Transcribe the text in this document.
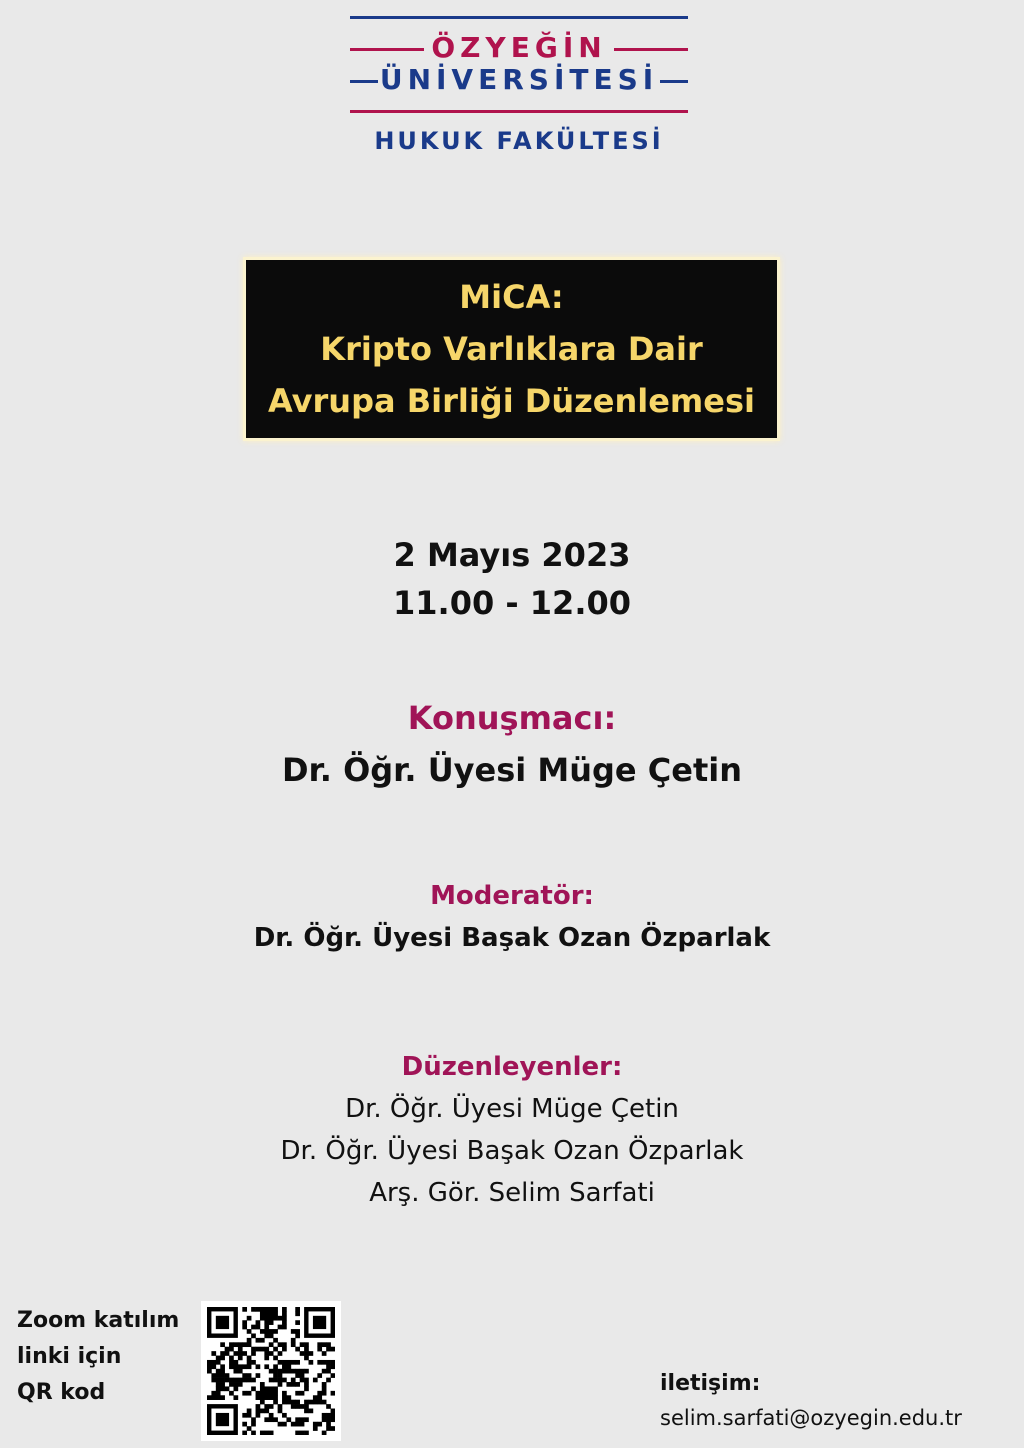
ÖZYEĞİN
ÜNİVERSİTESİ
HUKUK FAKÜLTESİ
MiCA:
Kripto Varlıklara Dair
Avrupa Birliği Düzenlemesi
2 Mayıs 2023
11.00 - 12.00
Konuşmacı:
Dr. Öğr. Üyesi Müge Çetin
Moderatör:
Dr. Öğr. Üyesi Başak Ozan Özparlak
Düzenleyenler:
Dr. Öğr. Üyesi Müge Çetin
Dr. Öğr. Üyesi Başak Ozan Özparlak
Arş. Gör. Selim Sarfati
Zoom katılım
linki için
QR kod	iletişim:
selim.sarfati@ozyegin.edu.tr
